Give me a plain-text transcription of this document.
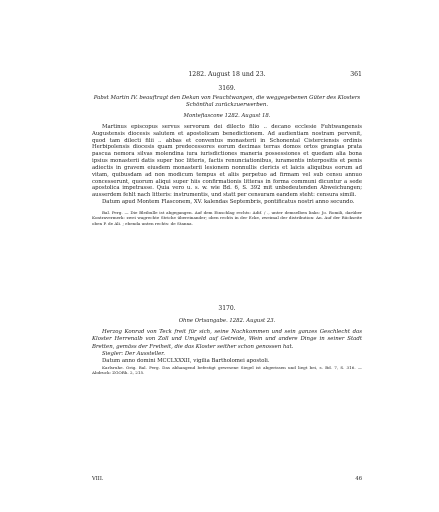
1282. August 18 und 23.	361

3169.

Pabst Martin IV. beauftragt den Dekan von Feuchtwangen, die weggegebenen Güter des Klosters Schönthal zurückzuerwerben.

Montefiascone 1282. August 18.

Martinus episcopus servus servorum dei dilecto filio .. decano ecclesie Fuhtwangensis Augustensis diocesis salutem et apostolicam benedictionem. Ad audientiam nostram pervenit, quod tam dilecti filii .. abbas et conventus monasterii in Schonental Cisterciensis ordinis Herbipolensis diocesis quam predecessores eorum decimas terras domos ortos grangias prata pascua nemora silvas molendina iura iurisdictiones maneria possessiones et quedam alia bona ipsius monasterii datis super hoc litteris, factis renunciationibus, iuramentis interpositis et penis adiectis in gravem eiusdem monasterii lesionem nonnullis clericis et laicis aliquibus eorum ad vitam, quibusdam ad non modicum tempus et aliis perpetuo ad firmam vel sub censu annuo concesserunt, quorum aliqui super hiis confirmationis litteras in forma communi dicuntur a sede apostolica impetrasse. Quia vero u. s. w. wie Bd. 6, S. 392 mit unbedeutenden Abweichungen; ausserdem fehlt nach litteris: instrumentis, und statt per censuram eandem steht: censura simili.

Datum apud Montem Flasconem, XV. kalendas Septembris, pontificatus nostri anno secundo.

Bal. Perg. — Die Bleibulle ist abgegangen. Auf dem Einschlag rechts: Adif. / ., unter demselben links: Jo. Romili, darüber Kontravermerk: zwei wagrechte Striche übereinander; oben rechts in der Ecke, zweimal der distribution: An. Auf der Rückseite oben P. de Ali. ; ebenda unten rechts: de Stanna.

3170.

Ohne Ortsangabe. 1282. August 23.

Herzog Konrad von Teck freit für sich, seine Nachkommen und sein ganzes Geschlecht das Kloster Herrenalb von Zoll und Umgeld auf Getreide, Wein und andere Dinge in seiner Stadt Bretten, gemäss der Freiheit, die das Kloster seither schon genossen hat.

Siegler: Der Aussteller.

Datum anno domini MCCLXXXII, vigilia Bartholomei apostoli.

Karlsruhe. Orig. Bal. Perg. Das abhangend befestigt gewesene Siegel ist abgerissen und liegt bei, s. Bd. 7, S. 316. — Abdruck: ZGORh. 2, 215.

VIII.	46
